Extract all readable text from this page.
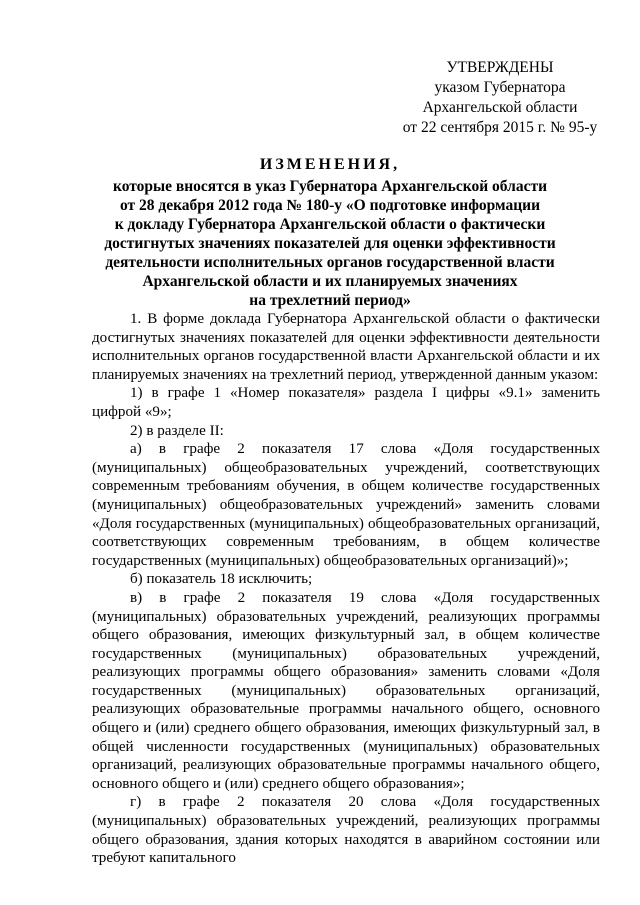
УТВЕРЖДЕНЫ
указом Губернатора
Архангельской области
от 22 сентября 2015 г. № 95-у
ИЗМЕНЕНИЯ,
которые вносятся в указ Губернатора Архангельской области
от 28 декабря 2012 года № 180-у «О подготовке информации
к докладу Губернатора Архангельской области о фактически
достигнутых значениях показателей для оценки эффективности
деятельности исполнительных органов государственной власти
Архангельской области и их планируемых значениях
на трехлетний период»

1. В форме доклада Губернатора Архангельской области о фактически достигнутых значениях показателей для оценки эффективности деятельности исполнительных органов государственной власти Архангельской области и их планируемых значениях на трехлетний период, утвержденной данным указом:

1) в графе 1 «Номер показателя» раздела I цифры «9.1» заменить цифрой «9»;

2) в разделе II:

а) в графе 2 показателя 17 слова «Доля государственных (муниципальных) общеобразовательных учреждений, соответствующих современным требованиям обучения, в общем количестве государственных (муниципальных) общеобразовательных учреждений» заменить словами «Доля государственных (муниципальных) общеобразовательных организаций, соответствующих современным требованиям, в общем количестве государственных (муниципальных) общеобразовательных организаций)»;

б) показатель 18 исключить;

в) в графе 2 показателя 19 слова «Доля государственных (муниципальных) образовательных учреждений, реализующих программы общего образования, имеющих физкультурный зал, в общем количестве государственных (муниципальных) образовательных учреждений, реализующих программы общего образования» заменить словами «Доля государственных (муниципальных) образовательных организаций, реализующих образовательные программы начального общего, основного общего и (или) среднего общего образования, имеющих физкультурный зал, в общей численности государственных (муниципальных) образовательных организаций, реализующих образовательные программы начального общего, основного общего и (или) среднего общего образования»;

г) в графе 2 показателя 20 слова «Доля государственных (муниципальных) образовательных учреждений, реализующих программы общего образования, здания которых находятся в аварийном состоянии или требуют капитального
